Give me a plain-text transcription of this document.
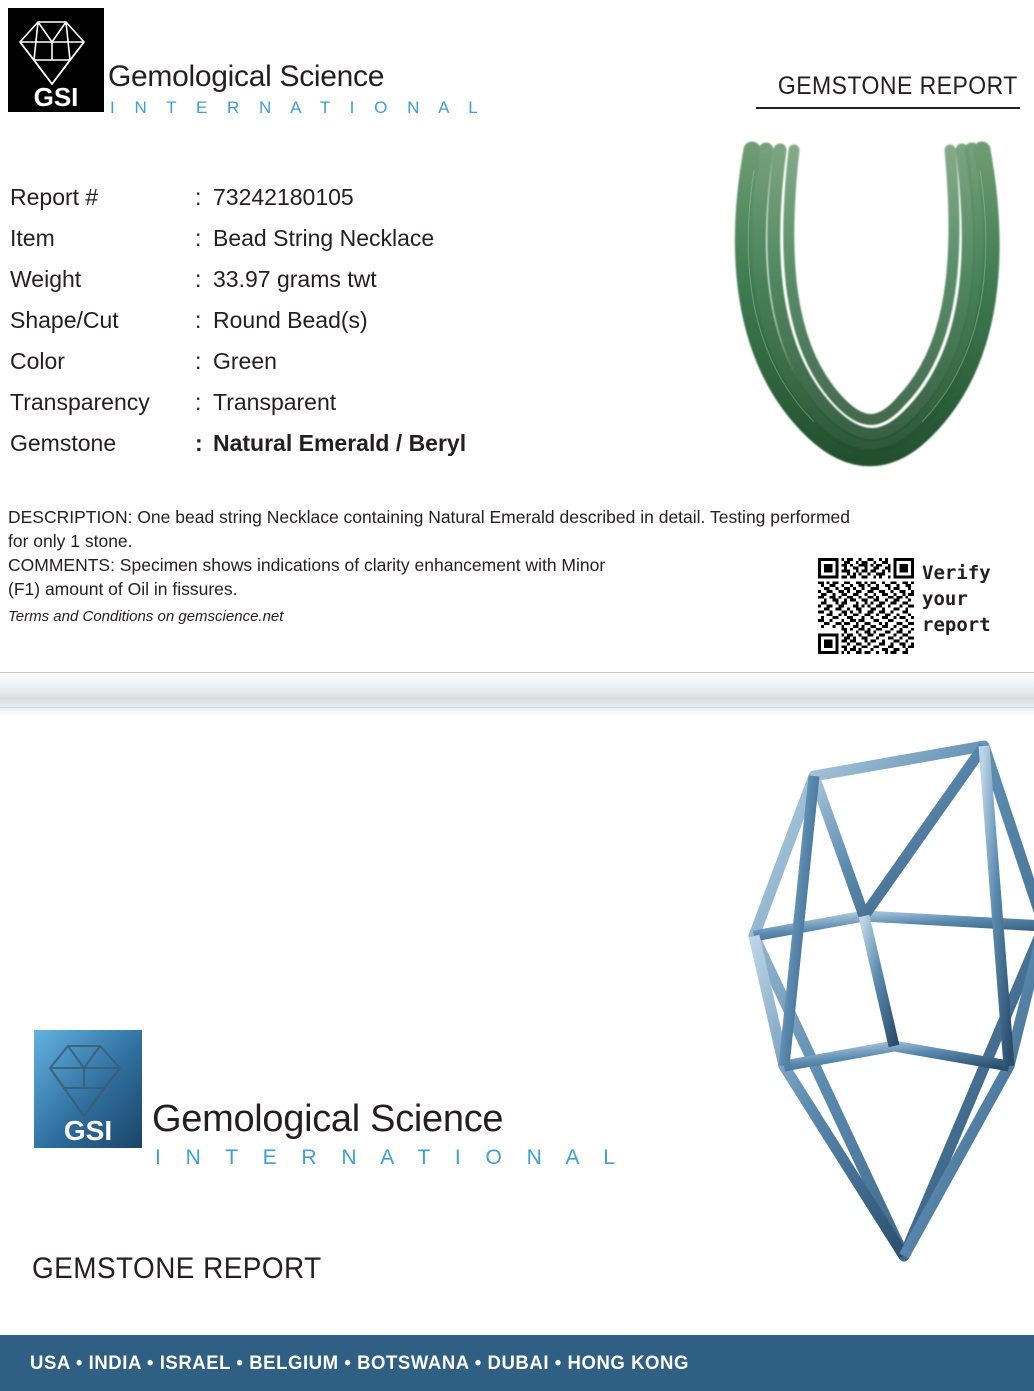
GSI
Gemological Science
I N T E R N A T I O N A L
GEMSTONE REPORT
Report #	: 73242180105
Item	: Bead String Necklace
Weight	: 33.97 grams twt
Shape/Cut	: Round Bead(s)
Color	: Green
Transparency	: Transparent
Gemstone	: Natural Emerald / Beryl

DESCRIPTION: One bead string Necklace containing Natural Emerald described in detail. Testing performed

for only 1 stone.

COMMENTS: Specimen shows indications of clarity enhancement with Minor

(F1) amount of Oil in fissures.

Terms and Conditions on gemscience.net

Verify
your
report
GSI Gemological Science
I N T E R N A T I O N A L
GEMSTONE REPORT
USA • INDIA • ISRAEL • BELGIUM • BOTSWANA • DUBAI • HONG KONG
